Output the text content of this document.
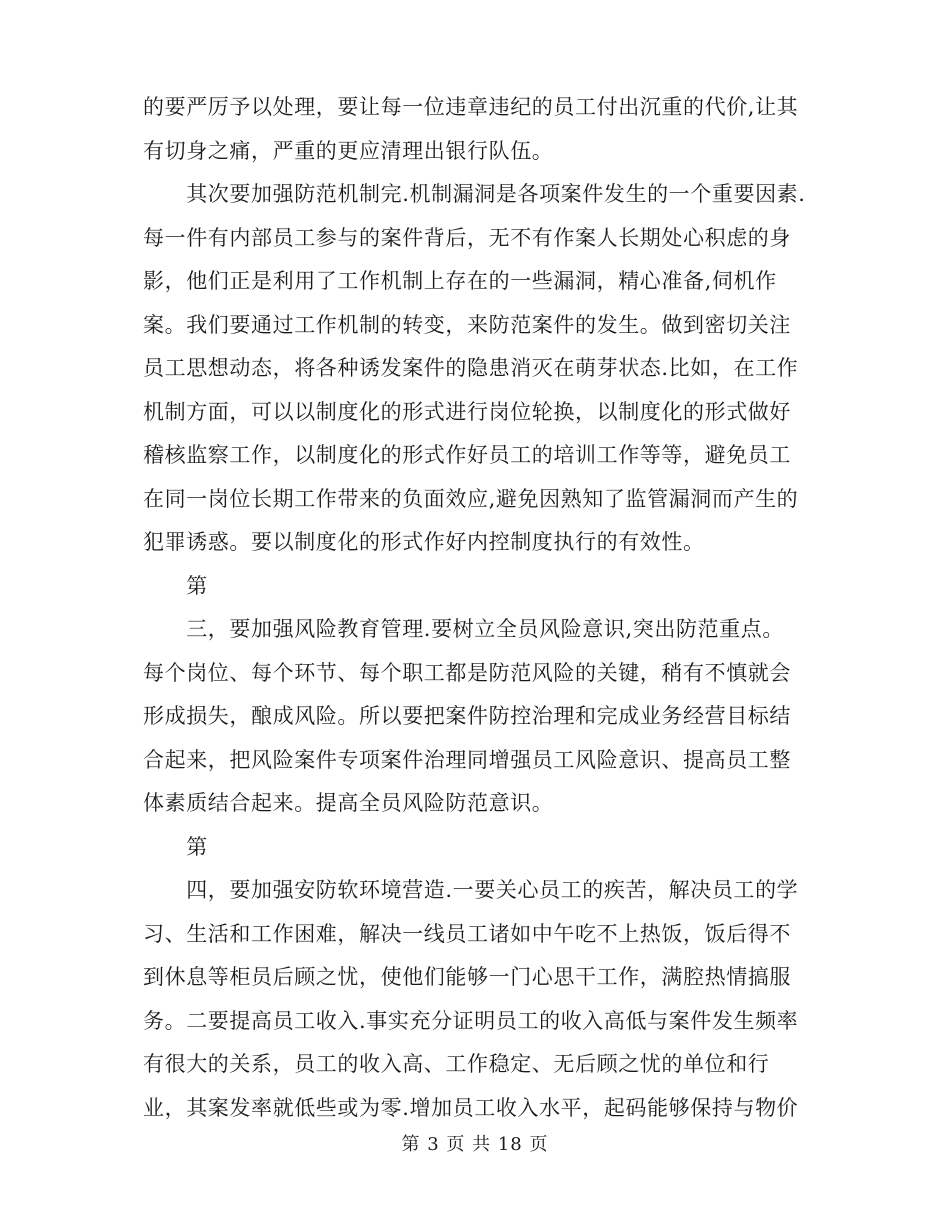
的要严厉予以处理，要让每一位违章违纪的员工付出沉重的代价,让其
有切身之痛，严重的更应清理出银行队伍。
　　其次要加强防范机制完.机制漏洞是各项案件发生的一个重要因素.
每一件有内部员工参与的案件背后，无不有作案人长期处心积虑的身
影，他们正是利用了工作机制上存在的一些漏洞，精心准备,伺机作
案。我们要通过工作机制的转变，来防范案件的发生。做到密切关注
员工思想动态，将各种诱发案件的隐患消灭在萌芽状态.比如，在工作
机制方面，可以以制度化的形式进行岗位轮换，以制度化的形式做好
稽核监察工作，以制度化的形式作好员工的培训工作等等，避免员工
在同一岗位长期工作带来的负面效应,避免因熟知了监管漏洞而产生的
犯罪诱惑。要以制度化的形式作好内控制度执行的有效性。
　　第
　　三，要加强风险教育管理.要树立全员风险意识,突出防范重点。
每个岗位、每个环节、每个职工都是防范风险的关键，稍有不慎就会
形成损失，酿成风险。所以要把案件防控治理和完成业务经营目标结
合起来，把风险案件专项案件治理同增强员工风险意识、提高员工整
体素质结合起来。提高全员风险防范意识。
　　第
　　四，要加强安防软环境营造.一要关心员工的疾苦，解决员工的学
习、生活和工作困难，解决一线员工诸如中午吃不上热饭，饭后得不
到休息等柜员后顾之忧，使他们能够一门心思干工作，满腔热情搞服
务。二要提高员工收入.事实充分证明员工的收入高低与案件发生频率
有很大的关系，员工的收入高、工作稳定、无后顾之忧的单位和行
业，其案发率就低些或为零.增加员工收入水平，起码能够保持与物价
第 3 页 共 18 页
